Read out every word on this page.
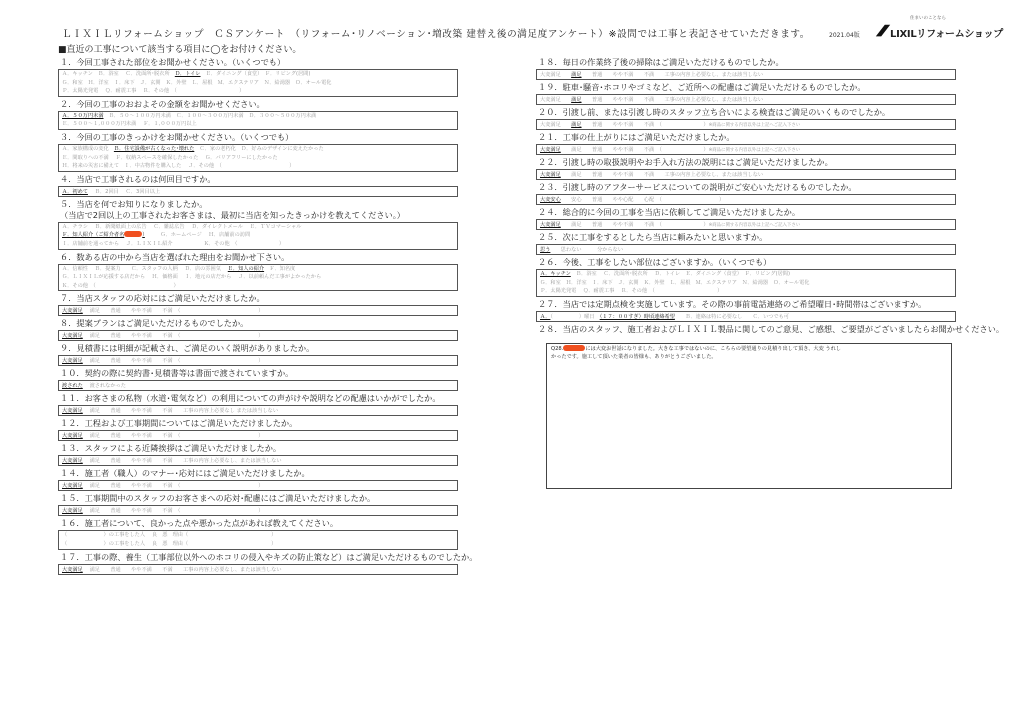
ＬＩＸＩＬリフォームショップ　ＣＳアンケート　（リフォーム･リノベーション･増改築 建替え後の満足度アンケート）※設問では工事と表記させていただきます。	2021.04版
住まいのことなら
LIXILリフォームショップ
■直近の工事について該当する項目に◯をお付けください。
１．今回工事された部位をお聞かせください。（いくつでも）
Ａ．キッチン　Ｂ．浴室　 Ｃ．洗面所･脱衣所　Ｄ．トイレ　Ｅ．ダイニング（食堂）　Ｆ．リビング(居間)
Ｇ．和室　Ｈ．洋室　Ｉ．床下　Ｊ．玄関　Ｋ．外壁　Ｌ．屋根　Ｍ．エクステリア　Ｎ．給湯器　Ｏ．オール電化
Ｐ．太陽光発電　 Ｑ．耐震工事　 Ｒ．その他　（　　　　　　　　　　　　）
２．今回の工事のおおよその金額をお聞かせください。
Ａ．５０万円未満　Ｂ．５０～１００万円未満　Ｃ．１００～３００万円未満　Ｄ．３００～５００万円未満
Ｅ．５００～１,０００万円未満　 Ｆ．１,０００万円以上
３．今回の工事のきっかけをお聞かせください。（いくつでも）
Ａ．家族構成の変化　Ｂ．住宅設備が古くなった･壊れた　Ｃ．家の老朽化　Ｄ．好みのデザインに変えたかった
Ｅ．間取りへの不満　 Ｆ．収納スペースを確保したかった　 Ｇ．バリアフリーにしたかった
Ｈ．将来の災害に備えて　Ｉ．中古物件を購入した　 Ｊ．その他　（　　　　　　　　　　　　　）
４．当店で工事されるのは何回目ですか。
Ａ．初めて　 Ｂ．2回目　 Ｃ．3回目以上
５．当店を何でお知りになりましたか。
（当店で2回以上の工事されたお客さまは、最初に当店を知ったきっかけを教えてください。）
Ａ．チラシ　 Ｂ．新聞紙面上の広告　 Ｃ．雑誌広告　 Ｄ．ダイレクトメール　 Ｅ．ＴＶコマーシャル
Ｆ．知人紹介（ご紹介者名	）　　　Ｇ．ホームページ　 Ｈ．店舗前の訪問
Ｉ．店舗前を通ってから　 Ｊ．ＬＩＸＩＬ紹介　　　　　　Ｋ．その他　（　　　　　　　　）
６．数ある店の中から当店を選ばれた理由をお聞かせ下さい。
Ａ．信頼性　 Ｂ．提案力　　Ｃ．スタッフの人柄　 Ｄ．店の雰囲気　 Ｅ．知人の紹介　Ｆ．知名度
Ｇ．ＬＩＸＩＬが応援する店だから　 Ｈ．価格面　 Ｉ．地元の店だから　 Ｊ．以前頼んだ工事がよかったから
Ｋ．その他　（　　　　　　　　　　　　　　　）
７．当店スタッフの応対にはご満足いただけましたか。
大変満足　 満足　　普通　　やや不満　　不満　（　　　　　　　　　　　　　　　）
８．提案プランはご満足いただけるものでしたか。
大変満足　 満足　　普通　　やや不満　　不満　（　　　　　　　　　　　　　　　）
９．見積書には明細が記載され、ご満足のいく説明がありましたか。
大変満足　 満足　　普通　　やや不満　　不満　（　　　　　　　　　　　　　　　）
１０．契約の際に契約書･見積書等は書面で渡されていますか。
渡された　 渡されなかった
１１．お客さまの私物（水道･電気など）の利用についての声がけや説明などの配慮はいかがでしたか。
大変満足　 満足　　普通　　やや不満　　不満　　工事の内容上必要なし または該当しない
１２．工程および工事期間についてはご満足いただけましたか。
大変満足　 満足　　普通　　やや不満　　不満　（　　　　　　　　　　　　　　　）
１３．スタッフによる近隣挨拶はご満足いただけましたか。
大変満足　 満足　　普通　　やや不満　　不満　　工事の内容上必要なし、または該当しない
１４．施工者（職人）のマナー･応対にはご満足いただけましたか。
大変満足　 満足　　普通　　やや不満　　不満　（　　　　　　　　　　　　　　　）
１５．工事期間中のスタッフのお客さまへの応対･配慮にはご満足いただけましたか。
大変満足　 満足　　普通　　やや不満　　不満　（　　　　　　　　　　　　　　　）
１６．施工者について、良かった点や悪かった点があれば教えてください。
（　　　　　　　）の工事をした人　 良　悪　理由（　　　　　　　　　　　　　　　　）
（　　　　　　　）の工事をした人　 良　悪　理由（　　　　　　　　　　　　　　　　）
１７．工事の際、養生（工事部位以外へのホコリの侵入やキズの防止策など）はご満足いただけるものでしたか。
大変満足　 満足　　普通　　やや不満　　不満　　工事の内容上必要なし、または該当しない
１８．毎日の作業終了後の掃除はご満足いただけるものでしたか。
大変満足　　満足　　普通　　やや不満　　不満　　工事の内容上必要なし、または該当しない
１９．駐車･騒音･ホコリやゴミなど、ご近所への配慮はご満足いただけるものでしたか。
大変満足　　満足　　普通　　やや不満　　不満　　工事の内容上必要なし、または該当しない
２０．引渡し前、または引渡し時のスタッフ立ち合いによる検査はご満足のいくものでしたか。
大変満足　　満足　　普通　　やや不満　　不満　（　　　　　　　　）※商品に関する内容以外は上記へご記入下さい
２１．工事の仕上がりにはご満足いただけましたか。
大変満足　　満足　　普通　　やや不満　　不満　（　　　　　　　　）※商品に関する内容以外は上記へご記入下さい
２２．引渡し時の取扱説明やお手入れ方法の説明にはご満足いただけましたか。
大変満足　　満足　　普通　　やや不満　　不満　　工事の内容上必要なし、または該当しない
２３．引渡し時のアフターサービスについての説明がご安心いただけるものでしたか。
大変安心　　安心　　普通　　やや心配　　心配　（　　　　　　　　　　　）
２４．総合的に今回の工事を当店に依頼してご満足いただけましたか。
大変満足　　満足　　普通　　やや不満　　不満　（　　　　　　　　）※商品に関する内容以外は上記へご記入下さい
２５．次に工事をするとしたら当店に頼みたいと思いますか。
思う　　思わない　　　分からない
２６．今後、工事をしたい部位はございますか。（いくつでも）
Ａ．キッチン　Ｂ．浴室　 Ｃ．洗面所･脱衣所　 Ｄ．トイレ　Ｅ．ダイニング（食堂）　Ｆ．リビング(居間)
Ｇ．和室　Ｈ．洋室　Ｉ．床下　Ｊ．玄関　Ｋ．外壁　Ｌ．屋根　Ｍ．エクステリア　Ｎ．給湯器　Ｏ．オール電化
Ｐ．太陽光発電　 Ｑ．耐震工事　 Ｒ．その他　（　　　　　　　　　　　　）
２７．当店では定期点検を実施しています。その際の事前電話連絡のご希望曜日･時間帯はございますか。
Ａ．（　　　　　）曜日　（１７：００すぎ）時頃連絡希望　　Ｂ．連絡は特に必要なし　　Ｃ．いつでも可
２８．当店のスタッフ、施工者およびＬＩＸＩＬ製品に関してのご意見、ご感想、ご要望がございましたらお聞かせください。
Q28.	には大変お世話になりました。大きな工事ではないのに、こちらの要望通りの見積り出して頂き、大変 うれし
かったです。施工して頂いた業者の皆様も、ありがとうございました。
